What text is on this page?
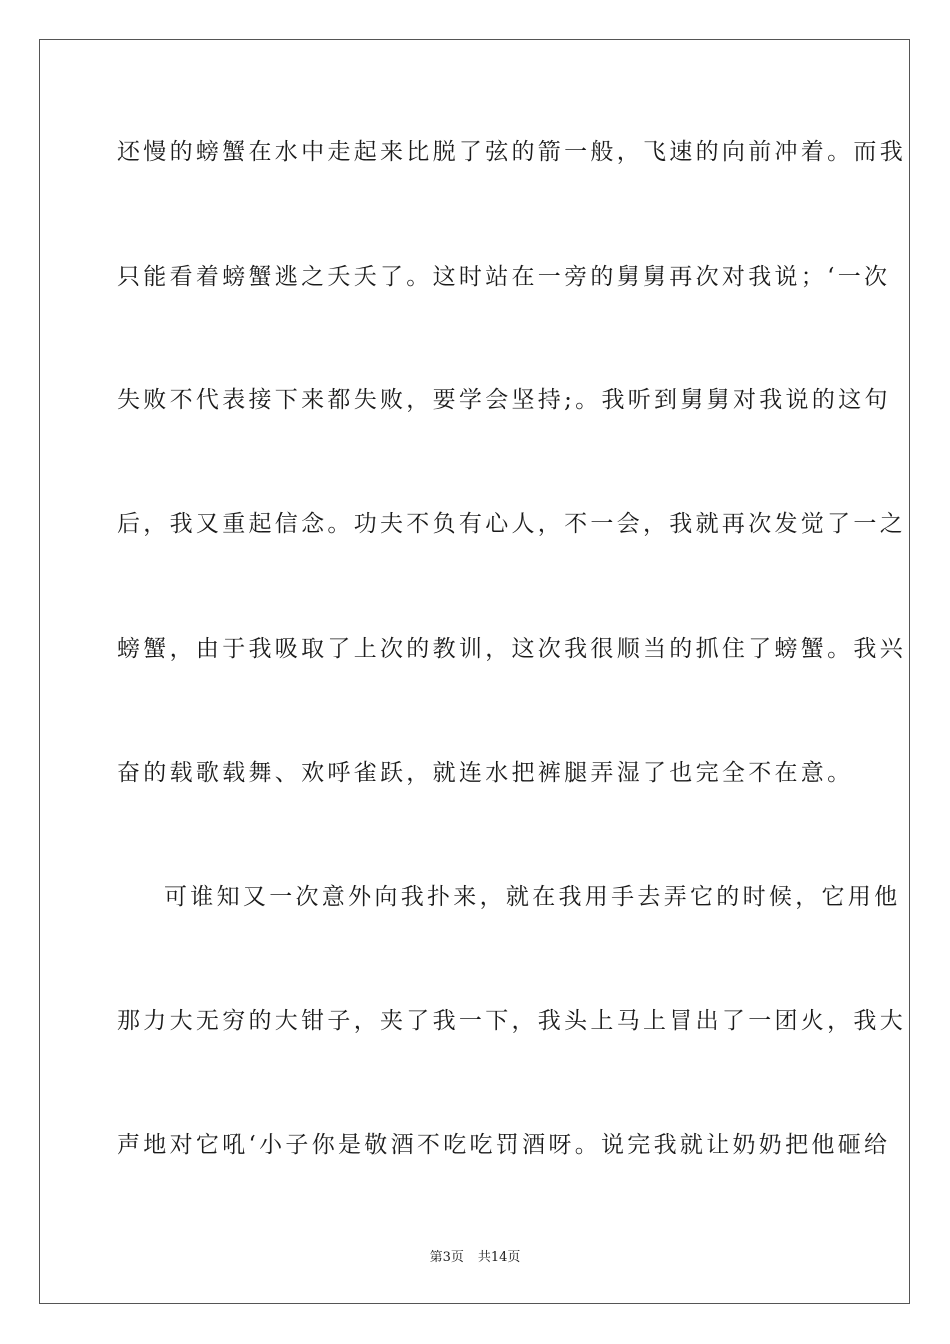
还慢的螃蟹在水中走起来比脱了弦的箭一般，飞速的向前冲着。而我
只能看着螃蟹逃之夭夭了。这时站在一旁的舅舅再次对我说；‘一次
失败不代表接下来都失败，要学会坚持;。我听到舅舅对我说的这句
后，我又重起信念。功夫不负有心人，不一会，我就再次发觉了一之
螃蟹，由于我吸取了上次的教训，这次我很顺当的抓住了螃蟹。我兴
奋的载歌载舞、欢呼雀跃，就连水把裤腿弄湿了也完全不在意。
可谁知又一次意外向我扑来，就在我用手去弄它的时候，它用他
那力大无穷的大钳子，夹了我一下，我头上马上冒出了一团火，我大
声地对它吼‘小子你是敬酒不吃吃罚酒呀。说完我就让奶奶把他砸给
第3页 共14页
